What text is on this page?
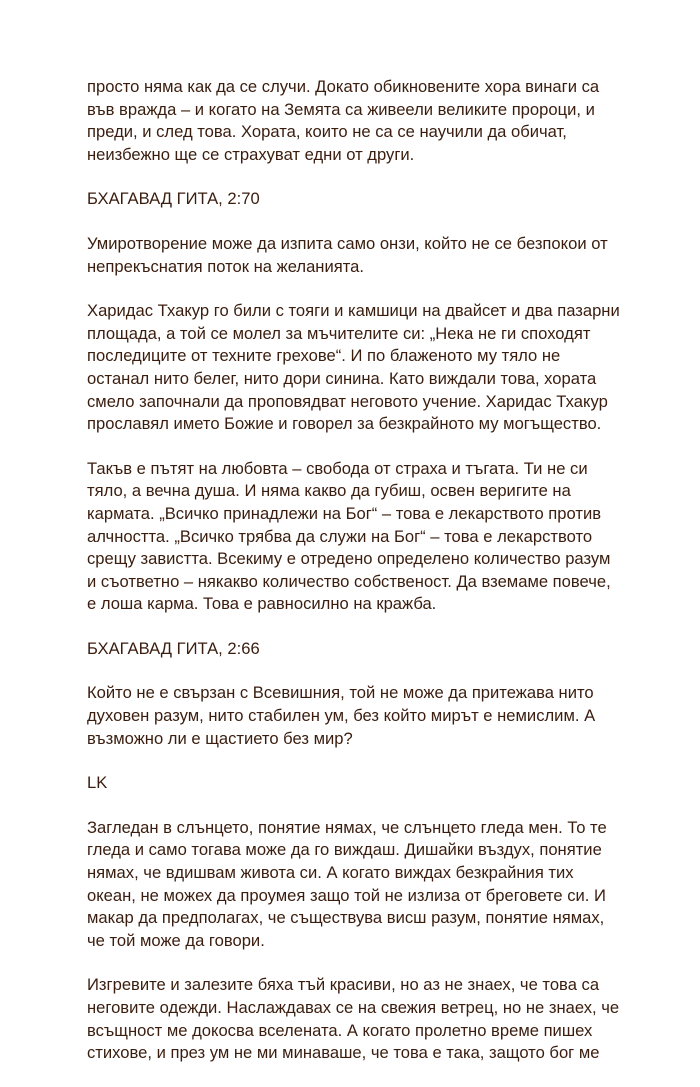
просто няма как да се случи. Докато обикновените хора винаги са
във вражда – и когато на Земята са живеели великите пророци, и
преди, и след това. Хората, които не са се научили да обичат,
неизбежно ще се страхуват едни от други.
БХАГАВАД ГИТА, 2:70
Умиротворение може да изпита само онзи, който не се безпокои от
непрекъснатия поток на желанията.
Харидас Тхакур го били с тояги и камшици на двайсет и два пазарни
площада, а той се молел за мъчителите си: „Нека не ги споходят
последиците от техните грехове“. И по блаженото му тяло не
останал нито белег, нито дори синина. Като виждали това, хората
смело започнали да проповядват неговото учение. Харидас Тхакур
прославял името Божие и говорел за безкрайното му могъщество.
Такъв е пътят на любовта – свобода от страха и тъгата. Ти не си
тяло, а вечна душа. И няма какво да губиш, освен веригите на
кармата. „Всичко принадлежи на Бог“ – това е лекарството против
алчността. „Всичко трябва да служи на Бог“ – това е лекарството
срещу завистта. Всекиму е отредено определено количество разум
и съответно – някакво количество собственост. Да вземаме повече,
е лоша карма. Това е равносилно на кражба.
БХАГАВАД ГИТА, 2:66
Който не е свързан с Всевишния, той не може да притежава нито
духовен разум, нито стабилен ум, без който мирът е немислим. А
възможно ли е щастието без мир?
LK
Загледан в слънцето, понятие нямах, че слънцето гледа мен. То те
гледа и само тогава може да го виждаш. Дишайки въздух, понятие
нямах, че вдишвам живота си. А когато виждах безкрайния тих
океан, не можех да проумея защо той не излиза от бреговете си. И
макар да предполагах, че съществува висш разум, понятие нямах,
че той може да говори.
Изгревите и залезите бяха тъй красиви, но аз не знаех, че това са
неговите одежди. Наслаждавах се на свежия ветрец, но не знаех, че
всъщност ме докосва вселената. А когато пролетно време пишех
стихове, и през ум не ми минаваше, че това е така, защото бог ме
